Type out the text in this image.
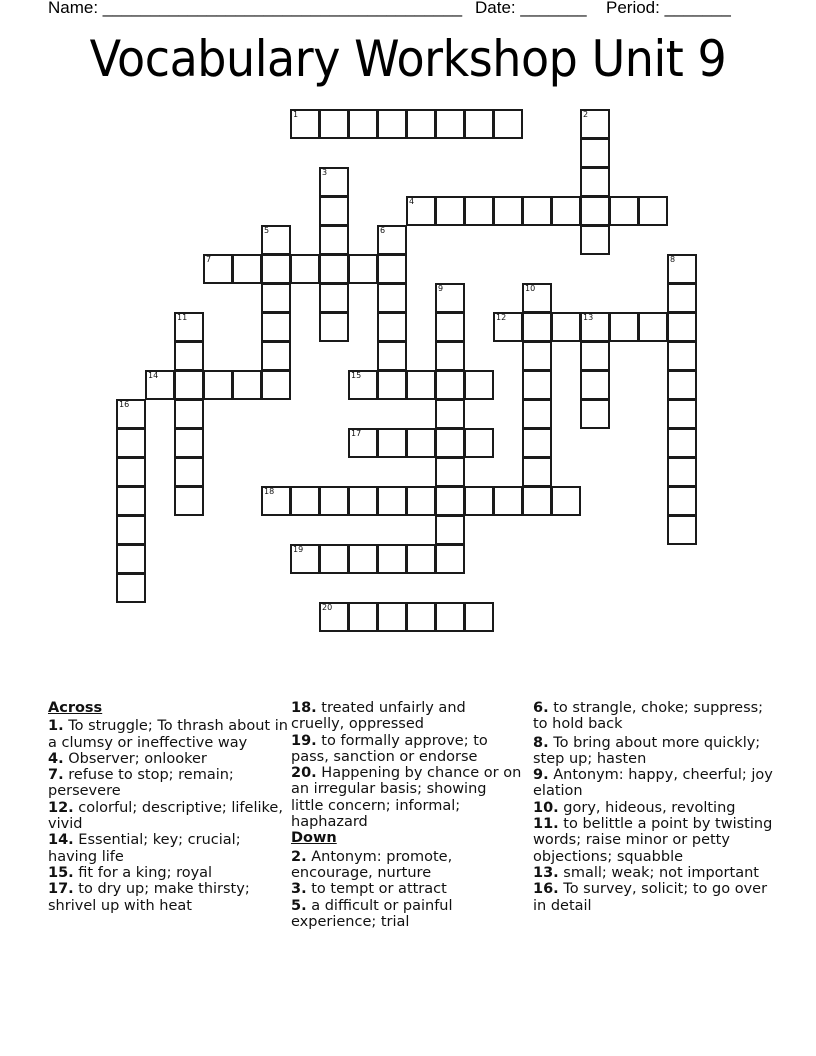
Name: ______________________________________ Date: _______ Period: _______
Vocabulary Workshop Unit 9
1	2
3
4
5	6
7	8
9	10
11	12	13
14	15
16
17
18
19
20
Across
1. To struggle; To thrash about in a clumsy or ineffective way
4. Observer; onlooker
7. refuse to stop; remain; persevere
12. colorful; descriptive; lifelike, vivid
14. Essential; key; crucial; having life
15. fit for a king; royal
17. to dry up; make thirsty; shrivel up with heat
18. treated unfairly and cruelly, oppressed
19. to formally approve; to pass, sanction or endorse
20. Happening by chance or on an irregular basis; showing little concern; informal; haphazard
Down
2. Antonym: promote, encourage, nurture
3. to tempt or attract
5. a difficult or painful experience; trial
6. to strangle, choke; suppress; to hold back
8. To bring about more quickly; step up; hasten
9. Antonym: happy, cheerful; joy elation
10. gory, hideous, revolting
11. to belittle a point by twisting words; raise minor or petty objections; squabble
13. small; weak; not important
16. To survey, solicit; to go over in detail
